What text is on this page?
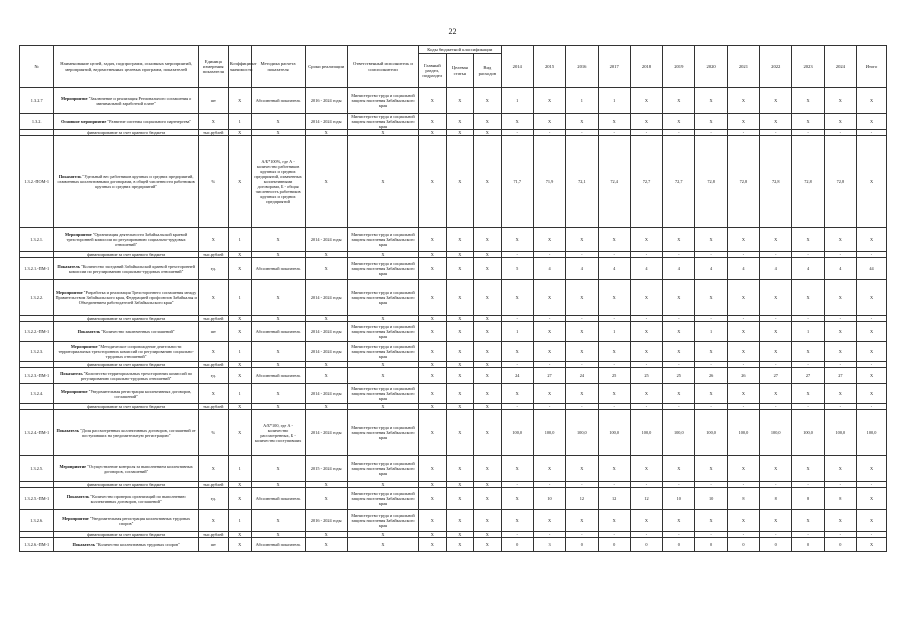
22
№	Наименование целей, задач, подпрограмм, основных мероприятий, мероприятий, ведомственных целевых программ, показателей	Единица измерения показателя	Коэффициент значимости	Методика расчета показателя	Сроки реализации	Ответственный исполнитель и соисполнители	Коды бюджетной классификации			2014	2015	2016	2017	2018	2019	2020	2021	2022	2023	2024	Итого
							Главный раздел, подраздел	Целевая статья	Вид расходов												
1.3.2.7	Мероприятие "Заключение и реализация Регионального соглашения о минимальной заработной плате"	шт	Х	Абсолютный показатель	2016 - 2024 годы	Министерство труда и социальной защиты населения Забайкальского края	Х	Х	Х	1	Х	1	1	Х	Х	Х	Х	Х	Х	Х	Х
1.3.2.	Основное мероприятие "Развитие системы социального партнерства"	Х	1	Х	2014 - 2024 годы	Министерство труда и социальной защиты населения Забайкальского края	Х	Х	Х	Х	Х	Х	Х	Х	Х	Х	Х	Х	Х	Х	Х
	финансирование за счет краевого бюджета	тыс.рублей	Х	Х	Х	Х	Х	Х	Х	-	-	-	-	-	-	-	-	-	-	-	-
1.3.2.-ПОМ-1	Показатель "Удельный вес работников крупных и средних предприятий, охваченных коллективными договорами, в общей численности работников крупных и средних предприятий"	%	Х	А/Б*100%, где А - количество работников крупных и средних предприятий, охваченных коллективными договорами, Б - общая численность работников крупных и средних предприятий	Х	Х	Х	Х	Х	71,7	71,9	72,1	72,4	72,7	72,7	72,8	72,8	72,8	72,8	72,8	Х
1.3.2.1.	Мероприятие "Организация деятельности Забайкальской краевой трехсторонней комиссии по регулированию социально-трудовых отношений"	Х	1	Х	2014 - 2024 годы	Министерство труда и социальной защиты населения Забайкальского края	Х	Х	Х	Х	Х	Х	Х	Х	Х	Х	Х	Х	Х	Х	Х
	финансирование за счет краевого бюджета	тыс.рублей	Х	Х	Х	Х	Х	Х	Х	-	-	-	-	-	-	-	-	-	-	-	-
1.3.2.1.-ПМ-1	Показатель "Количество заседаний Забайкальской краевой трехсторонней комиссии по регулированию социально-трудовых отношений"	ед.	Х	Абсолютный показатель	Х	Министерство труда и социальной защиты населения Забайкальского края	Х	Х	Х	5	4	4	4	4	4	4	4	4	4	4	44
1.3.2.2.	Мероприятие "Разработка и реализация Трехстороннего соглашения между Правительством Забайкальского края, Федерацией профсоюзов Забайкалья и Объединением работодателей Забайкальского края"	Х	1	Х	2014 - 2024 годы	Министерство труда и социальной защиты населения Забайкальского края	Х	Х	Х	Х	Х	Х	Х	Х	Х	Х	Х	Х	Х	Х	Х
	финансирование за счет краевого бюджета	тыс.рублей	Х	Х	Х	Х	Х	Х	Х	-	-	-	-	-	-	-	-	-	-	-	-
1.3.2.2.-ПМ-1	Показатель "Количество заключенных соглашений"	шт	Х	Абсолютный показатель	2014 - 2024 годы	Министерство труда и социальной защиты населения Забайкальского края	Х	Х	Х	1	Х	Х	1	Х	Х	1	Х	Х	1	Х	Х
1.3.2.3.	Мероприятие "Методическое сопровождение деятельности территориальных трехсторонних комиссий по регулированию социально-трудовых отношений"	Х	1	Х	2014 - 2024 годы	Министерство труда и социальной защиты населения Забайкальского края	Х	Х	Х	Х	Х	Х	Х	Х	Х	Х	Х	Х	Х	Х	Х
	финансирование за счет краевого бюджета	тыс.рублей	Х	Х	Х	Х	Х	Х	Х	-	-	-	-	-	-	-	-	-	-	-	-
1.3.2.3.-ПМ-1	Показатель "Количество территориальных трехсторонних комиссий по регулированию социально-трудовых отношений"	ед.	Х	Абсолютный показатель	Х	Х	Х	Х	Х	24	27	24	25	25	25	26	26	27	27	27	Х
1.3.2.4.	Мероприятие "Уведомительная регистрация коллективных договоров, соглашений"	Х	1	Х	2014 - 2024 годы	Министерство труда и социальной защиты населения Забайкальского края	Х	Х	Х	Х	Х	Х	Х	Х	Х	Х	Х	Х	Х	Х	Х
	финансирование за счет краевого бюджета	тыс.рублей	Х	Х	Х	Х	Х	Х	Х	-	-	-	-	-	-	-	-	-	-	-	-
1.3.2.4.-ПМ-1	Показатель "Доля рассмотренных коллективных договоров, соглашений от поступивших на уведомительную регистрацию"	%	Х	А/Б*100, где А - количество рассмотренных, Б - количество поступивших	2014 - 2024 годы	Министерство труда и социальной защиты населения Забайкальского края	Х	Х	Х	100,0	100,0	100,0	100,0	100,0	100,0	100,0	100,0	100,0	100,0	100,0	100,0
1.3.2.5.	Мероприятие "Осуществление контроля за выполнением коллективных договоров, соглашений"	Х	1	Х	2015 - 2024 годы	Министерство труда и социальной защиты населения Забайкальского края	Х	Х	Х	Х	Х	Х	Х	Х	Х	Х	Х	Х	Х	Х	Х
	финансирование за счет краевого бюджета	тыс.рублей	Х	Х	Х	Х	Х	Х	Х	-	-	-	-	-	-	-	-	-	-	-	-
1.3.2.5.-ПМ-1	Показатель "Количество проверок организаций по выполнению коллективных договоров, соглашений"	ед.	Х	Абсолютный показатель	Х	Министерство труда и социальной защиты населения Забайкальского края	Х	Х	Х	Х	10	12	12	12	10	10	8	8	8	8	Х
1.3.2.6.	Мероприятие "Уведомительная регистрация коллективных трудовых споров"	Х	1	Х	2016 - 2024 годы	Министерство труда и социальной защиты населения Забайкальского края	Х	Х	Х	Х	Х	Х	Х	Х	Х	Х	Х	Х	Х	Х	Х
	финансирование за счет краевого бюджета	тыс.рублей	Х	Х	Х	Х	Х	Х	Х	-	-	-	-	-	-	-	-	-	-	-	-
1.3.2.6.-ПМ-1	Показатель "Количество коллективных трудовых споров"	шт	Х	Абсолютный показатель	Х	Х	Х	Х	Х	0	3	0	0	0	0	0	0	0	0	0	Х
